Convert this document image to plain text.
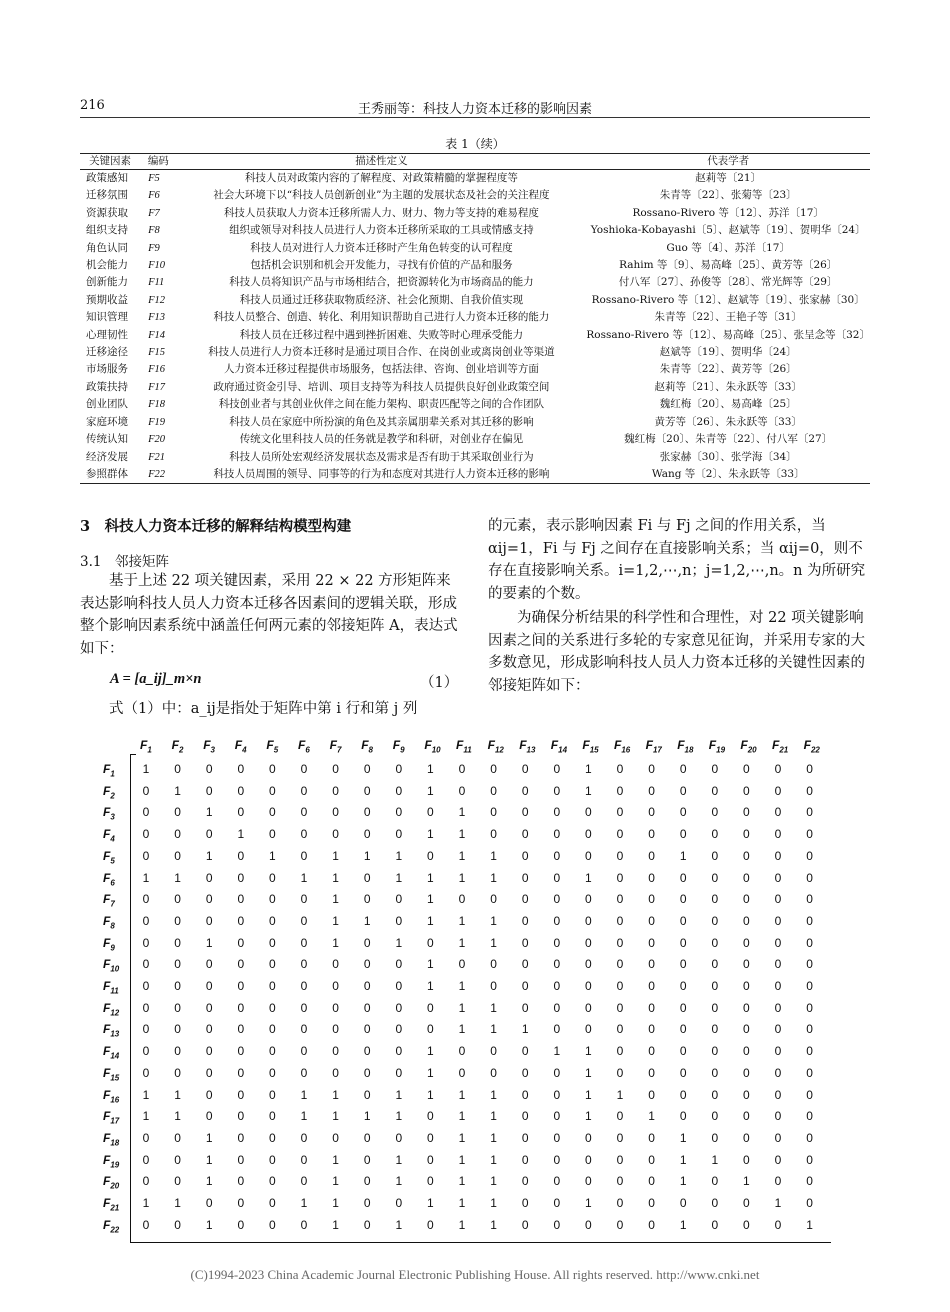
216	王秀丽等：科技人力资本迁移的影响因素
表 1（续）
关键因素	编码	描述性定义	代表学者
政策感知	F5	科技人员对政策内容的了解程度、对政策精髓的掌握程度等	赵莉等〔21〕
迁移氛围	F6	社会大环境下以“科技人员创新创业”为主题的发展状态及社会的关注程度	朱青等〔22〕、张菊等〔23〕
资源获取	F7	科技人员获取人力资本迁移所需人力、财力、物力等支持的难易程度	Rossano-Rivero 等〔12〕、苏洋〔17〕
组织支持	F8	组织或领导对科技人员进行人力资本迁移所采取的工具或情感支持	Yoshioka-Kobayashi〔5〕、赵斌等〔19〕、贺明华〔24〕
角色认同	F9	科技人员对进行人力资本迁移时产生角色转变的认可程度	Guo 等〔4〕、苏洋〔17〕
机会能力	F10	包括机会识别和机会开发能力，寻找有价值的产品和服务	Rahim 等〔9〕、易高峰〔25〕、黄芳等〔26〕
创新能力	F11	科技人员将知识产品与市场相结合，把资源转化为市场商品的能力	付八军〔27〕、孙俊等〔28〕、常光辉等〔29〕
预期收益	F12	科技人员通过迁移获取物质经济、社会化预期、自我价值实现	Rossano-Rivero 等〔12〕、赵斌等〔19〕、张家赫〔30〕
知识管理	F13	科技人员整合、创造、转化、利用知识帮助自己进行人力资本迁移的能力	朱青等〔22〕、王艳子等〔31〕
心理韧性	F14	科技人员在迁移过程中遇到挫折困难、失败等时心理承受能力	Rossano-Rivero 等〔12〕、易高峰〔25〕、张呈念等〔32〕
迁移途径	F15	科技人员进行人力资本迁移时是通过项目合作、在岗创业或离岗创业等渠道	赵斌等〔19〕、贺明华〔24〕
市场服务	F16	人力资本迁移过程提供市场服务，包括法律、咨询、创业培训等方面	朱青等〔22〕、黄芳等〔26〕
政策扶持	F17	政府通过资金引导、培训、项目支持等为科技人员提供良好创业政策空间	赵莉等〔21〕、朱永跃等〔33〕
创业团队	F18	科技创业者与其创业伙伴之间在能力架构、职责匹配等之间的合作团队	魏红梅〔20〕、易高峰〔25〕
家庭环境	F19	科技人员在家庭中所扮演的角色及其亲属朋辈关系对其迁移的影响	黄芳等〔26〕、朱永跃等〔33〕
传统认知	F20	传统文化里科技人员的任务就是教学和科研，对创业存在偏见	魏红梅〔20〕、朱青等〔22〕、付八军〔27〕
经济发展	F21	科技人员所处宏观经济发展状态及需求是否有助于其采取创业行为	张家赫〔30〕、张学海〔34〕
参照群体	F22	科技人员周围的领导、同事等的行为和态度对其进行人力资本迁移的影响	Wang 等〔2〕、朱永跃等〔33〕
3　科技人力资本迁移的解释结构模型构建
3.1　邻接矩阵
基于上述 22 项关键因素，采用 22 × 22 方形矩阵来表达影响科技人员人力资本迁移各因素间的逻辑关联，形成整个影响因素系统中涵盖任何两元素的邻接矩阵 A，表达式如下：
A = [a_ij]_m×n	（1）
式（1）中：a_ij是指处于矩阵中第 i 行和第 j 列
的元素，表示影响因素 Fi 与 Fj 之间的作用关系，当 αij=1，Fi 与 Fj 之间存在直接影响关系；当 αij=0，则不存在直接影响关系。i=1,2,⋯,n；j=1,2,⋯,n。n 为所研究的要素的个数。
为确保分析结果的科学性和合理性，对 22 项关键影响因素之间的关系进行多轮的专家意见征询，并采用专家的大多数意见，形成影响科技人员人力资本迁移的关键性因素的邻接矩阵如下：
$F_1$ $F_2$ $F_3$ $F_4$ $F_5$ $F_6$ $F_7$ $F_8$ $F_9$ $F_{10}$ $F_{11}$ $F_{12}$ $F_{13}$ $F_{14}$ $F_{15}$ $F_{16}$ $F_{17}$ $F_{18}$ $F_{19}$ $F_{20}$ $F_{21}$ $F_{22}$
$F_1$	1	0	0	0	0	0	0	0	0	1	0	0	0	0	1	0	0	0	0	0	0	0
$F_2$	0	1	0	0	0	0	0	0	0	1	0	0	0	0	1	0	0	0	0	0	0	0
$F_3$	0	0	1	0	0	0	0	0	0	0	1	0	0	0	0	0	0	0	0	0	0	0
$F_4$	0	0	0	1	0	0	0	0	0	1	1	0	0	0	0	0	0	0	0	0	0	0
$F_5$	0	0	1	0	1	0	1	1	1	0	1	1	0	0	0	0	0	1	0	0	0	0
$F_6$	1	1	0	0	0	1	1	0	1	1	1	1	0	0	1	0	0	0	0	0	0	0
$F_7$	0	0	0	0	0	0	1	0	0	1	0	0	0	0	0	0	0	0	0	0	0	0
$F_8$	0	0	0	0	0	0	1	1	0	1	1	1	0	0	0	0	0	0	0	0	0	0
$F_9$	0	0	1	0	0	0	1	0	1	0	1	1	0	0	0	0	0	0	0	0	0	0
$F_{10}$	0	0	0	0	0	0	0	0	0	1	0	0	0	0	0	0	0	0	0	0	0	0
$F_{11}$	0	0	0	0	0	0	0	0	0	1	1	0	0	0	0	0	0	0	0	0	0	0
$F_{12}$	0	0	0	0	0	0	0	0	0	0	1	1	0	0	0	0	0	0	0	0	0	0
$F_{13}$	0	0	0	0	0	0	0	0	0	0	1	1	1	0	0	0	0	0	0	0	0	0
$F_{14}$	0	0	0	0	0	0	0	0	0	1	0	0	0	1	1	0	0	0	0	0	0	0
$F_{15}$	0	0	0	0	0	0	0	0	0	1	0	0	0	0	1	0	0	0	0	0	0	0
$F_{16}$	1	1	0	0	0	1	1	0	1	1	1	1	0	0	1	1	0	0	0	0	0	0
$F_{17}$	1	1	0	0	0	1	1	1	1	0	1	1	0	0	1	0	1	0	0	0	0	0
$F_{18}$	0	0	1	0	0	0	0	0	0	0	1	1	0	0	0	0	0	1	0	0	0	0
$F_{19}$	0	0	1	0	0	0	1	0	1	0	1	1	0	0	0	0	0	1	1	0	0	0
$F_{20}$	0	0	1	0	0	0	1	0	1	0	1	1	0	0	0	0	0	1	0	1	0	0
$F_{21}$	1	1	0	0	0	1	1	0	0	1	1	1	0	0	1	0	0	0	0	0	1	0
$F_{22}$	0	0	1	0	0	0	1	0	1	0	1	1	0	0	0	0	0	1	0	0	0	1
(C)1994-2023 China Academic Journal Electronic Publishing House. All rights reserved. http://www.cnki.net
